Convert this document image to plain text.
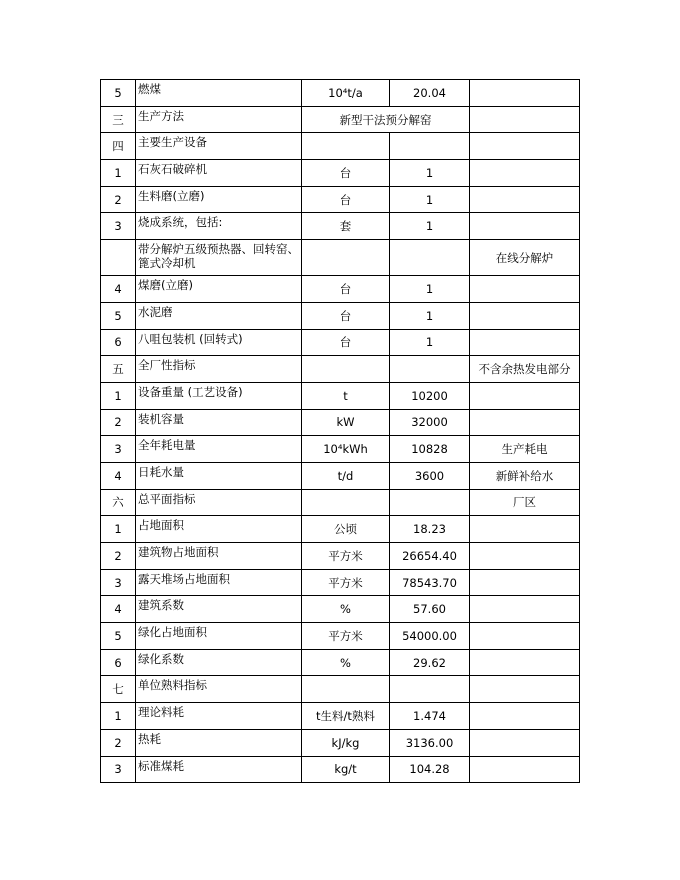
5	燃煤	10⁴t/a	20.04	
三	生产方法	新型干法预分解窑		
四	主要生产设备			
1	石灰石破碎机	台	1	
2	生料磨(立磨)	台	1	
3	烧成系统，包括:	套	1	
	带分解炉五级预热器、回转窑、篦式冷却机			在线分解炉
4	煤磨(立磨)	台	1	
5	水泥磨	台	1	
6	八咀包装机 (回转式)	台	1	
五	全厂性指标			不含余热发电部分
1	设备重量 (工艺设备)	t	10200	
2	装机容量	kW	32000	
3	全年耗电量	10⁴kWh	10828	生产耗电
4	日耗水量	t/d	3600	新鲜补给水
六	总平面指标			厂区
1	占地面积	公顷	18.23	
2	建筑物占地面积	平方米	26654.40	
3	露天堆场占地面积	平方米	78543.70	
4	建筑系数	%	57.60	
5	绿化占地面积	平方米	54000.00	
6	绿化系数	%	29.62	
七	单位熟料指标			
1	理论料耗	t生料/t熟料	1.474	
2	热耗	kJ/kg	3136.00	
3	标准煤耗	kg/t	104.28	
